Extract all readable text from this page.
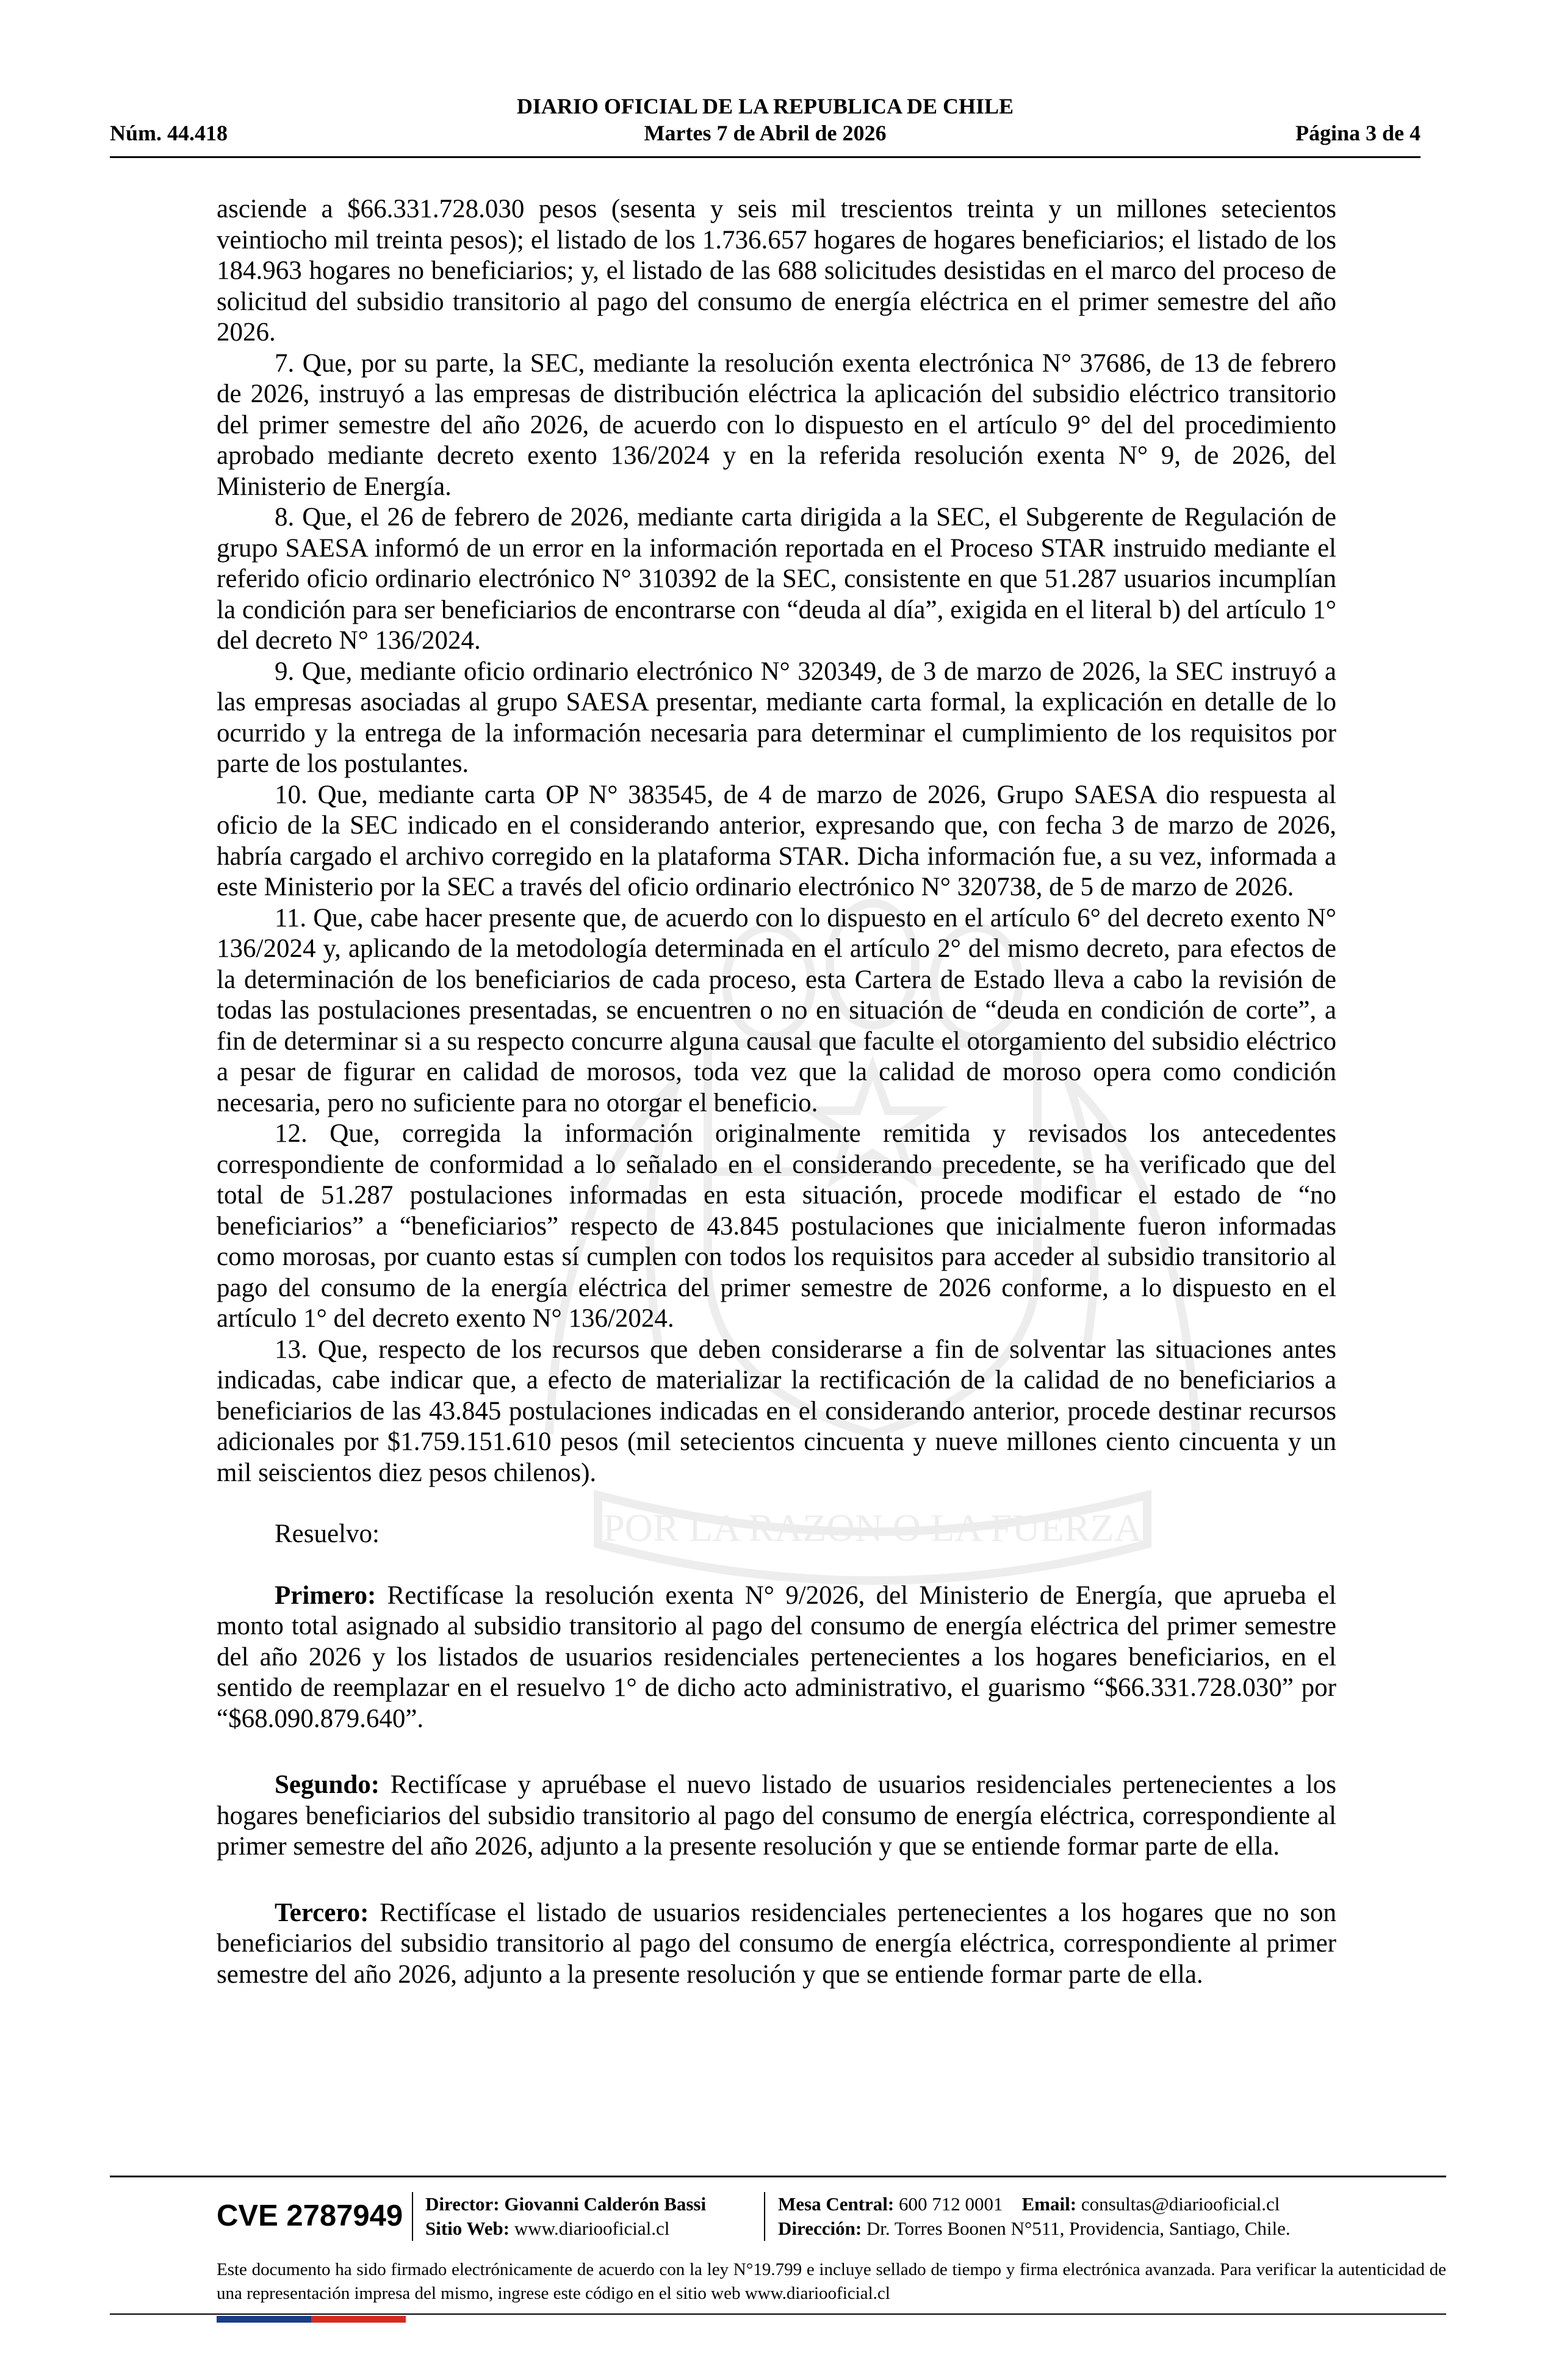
POR LA RAZON O LA FUERZA
DIARIO OFICIAL DE LA REPUBLICA DE CHILE
Martes 7 de Abril de 2026
Núm. 44.418	Página 3 de 4

asciende a $66.331.728.030 pesos (sesenta y seis mil trescientos treinta y un millones setecientos veintiocho mil treinta pesos); el listado de los 1.736.657 hogares de hogares beneficiarios; el listado de los 184.963 hogares no beneficiarios; y, el listado de las 688 solicitudes desistidas en el marco del proceso de solicitud del subsidio transitorio al pago del consumo de energía eléctrica en el primer semestre del año 2026.

7. Que, por su parte, la SEC, mediante la resolución exenta electrónica N° 37686, de 13 de febrero de 2026, instruyó a las empresas de distribución eléctrica la aplicación del subsidio eléctrico transitorio del primer semestre del año 2026, de acuerdo con lo dispuesto en el artículo 9° del del procedimiento aprobado mediante decreto exento 136/2024 y en la referida resolución exenta N° 9, de 2026, del Ministerio de Energía.

8. Que, el 26 de febrero de 2026, mediante carta dirigida a la SEC, el Subgerente de Regulación de grupo SAESA informó de un error en la información reportada en el Proceso STAR instruido mediante el referido oficio ordinario electrónico N° 310392 de la SEC, consistente en que 51.287 usuarios incumplían la condición para ser beneficiarios de encontrarse con “deuda al día”, exigida en el literal b) del artículo 1° del decreto N° 136/2024.

9. Que, mediante oficio ordinario electrónico N° 320349, de 3 de marzo de 2026, la SEC instruyó a las empresas asociadas al grupo SAESA presentar, mediante carta formal, la explicación en detalle de lo ocurrido y la entrega de la información necesaria para determinar el cumplimiento de los requisitos por parte de los postulantes.

10. Que, mediante carta OP N° 383545, de 4 de marzo de 2026, Grupo SAESA dio respuesta al oficio de la SEC indicado en el considerando anterior, expresando que, con fecha 3 de marzo de 2026, habría cargado el archivo corregido en la plataforma STAR. Dicha información fue, a su vez, informada a este Ministerio por la SEC a través del oficio ordinario electrónico N° 320738, de 5 de marzo de 2026.

11. Que, cabe hacer presente que, de acuerdo con lo dispuesto en el artículo 6° del decreto exento N° 136/2024 y, aplicando de la metodología determinada en el artículo 2° del mismo decreto, para efectos de la determinación de los beneficiarios de cada proceso, esta Cartera de Estado lleva a cabo la revisión de todas las postulaciones presentadas, se encuentren o no en situación de “deuda en condición de corte”, a fin de determinar si a su respecto concurre alguna causal que faculte el otorgamiento del subsidio eléctrico a pesar de figurar en calidad de morosos, toda vez que la calidad de moroso opera como condición necesaria, pero no suficiente para no otorgar el beneficio.

12. Que, corregida la información originalmente remitida y revisados los antecedentes correspondiente de conformidad a lo señalado en el considerando precedente, se ha verificado que del total de 51.287 postulaciones informadas en esta situación, procede modificar el estado de “no beneficiarios” a “beneficiarios” respecto de 43.845 postulaciones que inicialmente fueron informadas como morosas, por cuanto estas sí cumplen con todos los requisitos para acceder al subsidio transitorio al pago del consumo de la energía eléctrica del primer semestre de 2026 conforme, a lo dispuesto en el artículo 1° del decreto exento N° 136/2024.

13. Que, respecto de los recursos que deben considerarse a fin de solventar las situaciones antes indicadas, cabe indicar que, a efecto de materializar la rectificación de la calidad de no beneficiarios a beneficiarios de las 43.845 postulaciones indicadas en el considerando anterior, procede destinar recursos adicionales por $1.759.151.610 pesos (mil setecientos cincuenta y nueve millones ciento cincuenta y un mil seiscientos diez pesos chilenos).

Resuelvo:

Primero: Rectifícase la resolución exenta N° 9/2026, del Ministerio de Energía, que aprueba el monto total asignado al subsidio transitorio al pago del consumo de energía eléctrica del primer semestre del año 2026 y los listados de usuarios residenciales pertenecientes a los hogares beneficiarios, en el sentido de reemplazar en el resuelvo 1° de dicho acto administrativo, el guarismo “$66.331.728.030” por “$68.090.879.640”.

Segundo: Rectifícase y apruébase el nuevo listado de usuarios residenciales pertenecientes a los hogares beneficiarios del subsidio transitorio al pago del consumo de energía eléctrica, correspondiente al primer semestre del año 2026, adjunto a la presente resolución y que se entiende formar parte de ella.

Tercero: Rectifícase el listado de usuarios residenciales pertenecientes a los hogares que no son beneficiarios del subsidio transitorio al pago del consumo de energía eléctrica, correspondiente al primer semestre del año 2026, adjunto a la presente resolución y que se entiende formar parte de ella.

CVE 2787949	Director: Giovanni Calderón Bassi
Sitio Web: www.diariooficial.cl
Mesa Central: 600 712 0001 Email: consultas@diariooficial.cl
Dirección: Dr. Torres Boonen N°511, Providencia, Santiago, Chile.
Este documento ha sido firmado electrónicamente de acuerdo con la ley N°19.799 e incluye sellado de tiempo y firma electrónica avanzada. Para verificar la autenticidad de una representación impresa del mismo, ingrese este código en el sitio web www.diariooficial.cl
